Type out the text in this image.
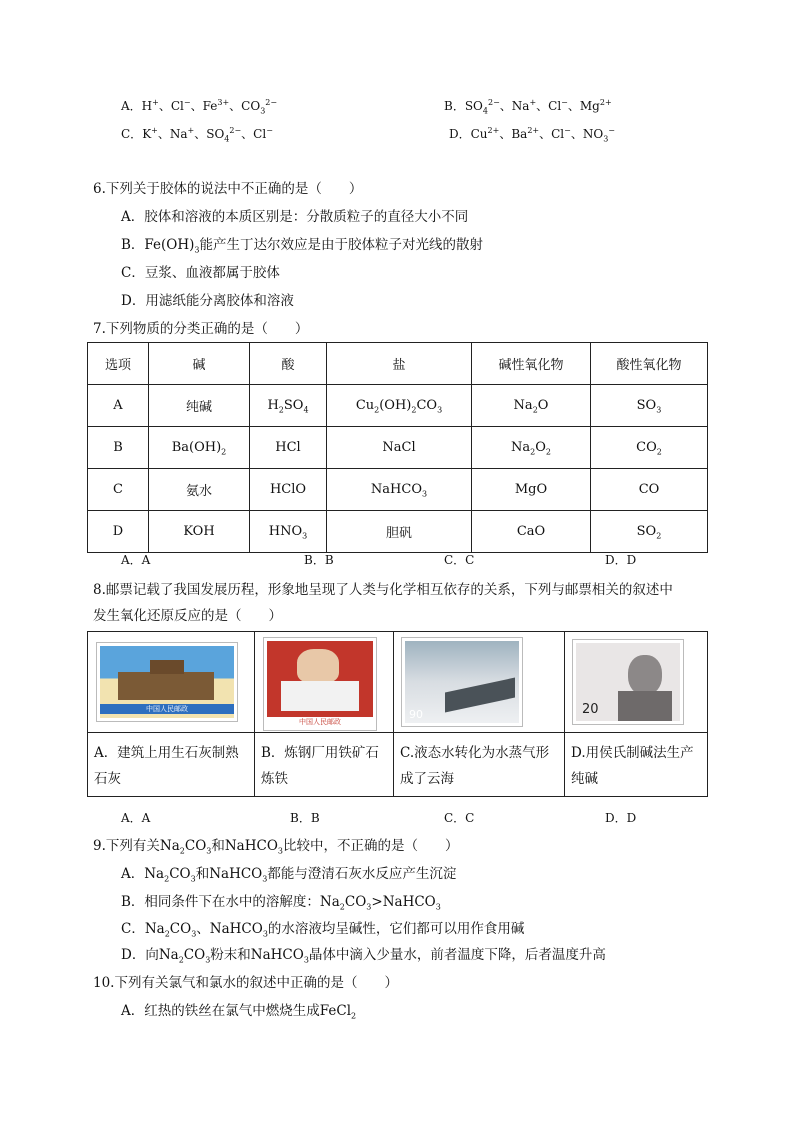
A．H+、Cl−、$Fe^{3+}$、$CO_3^{2-}$	B．$SO_4^{2-}$、Na+、Cl−、$Mg^{2+}$
C．K+、Na+、$SO_4^{2-}$、Cl−	D．$Cu^{2+}$、$Ba^{2+}$、Cl−、$NO_3^-$
6.下列关于胶体的说法中不正确的是（　　）
A．胶体和溶液的本质区别是：分散质粒子的直径大小不同
B．$Fe(OH)_3$能产生丁达尔效应是由于胶体粒子对光线的散射
C．豆浆、血液都属于胶体
D．用滤纸能分离胶体和溶液
7.下列物质的分类正确的是（　　）
选项	碱	酸	盐	碱性氧化物	酸性氧化物
A	纯碱	$H_2SO_4$	$Cu_2(OH)_2CO_3$	$Na_2O$	$SO_3$
B	$Ba(OH)_2$	HCl	NaCl	$Na_2O_2$	$CO_2$
C	氨水	HClO	NaHCO$_3$	MgO	CO
D	KOH	$HNO_3$	胆矾	CaO	$SO_2$
A．A	B．B	C．C	D．D
8.邮票记载了我国发展历程，形象地呈现了人类与化学相互依存的关系，下列与邮票相关的叙述中
发生氧化还原反应的是（　　）
中国人民邮政	中国人民邮政	90	20

A．建筑上用生石灰制熟石灰	B．炼钢厂用铁矿石炼铁	C.液态水转化为水蒸气形成了云海	D.用侯氏制碱法生产纯碱
A．A	B．B	C．C	D．D
9.下列有关$Na_2CO_3$和NaHCO$_3$比较中，不正确的是（　　）
A．$Na_2CO_3$和NaHCO$_3$都能与澄清石灰水反应产生沉淀
B．相同条件下在水中的溶解度：$Na_2CO_3>NaHCO_3$
C．$Na_2CO_3$、NaHCO$_3$的水溶液均呈碱性，它们都可以用作食用碱
D．向$Na_2CO_3$粉末和NaHCO$_3$晶体中滴入少量水，前者温度下降，后者温度升高
10.下列有关氯气和氯水的叙述中正确的是（　　）
A．红热的铁丝在氯气中燃烧生成FeCl$_2$
